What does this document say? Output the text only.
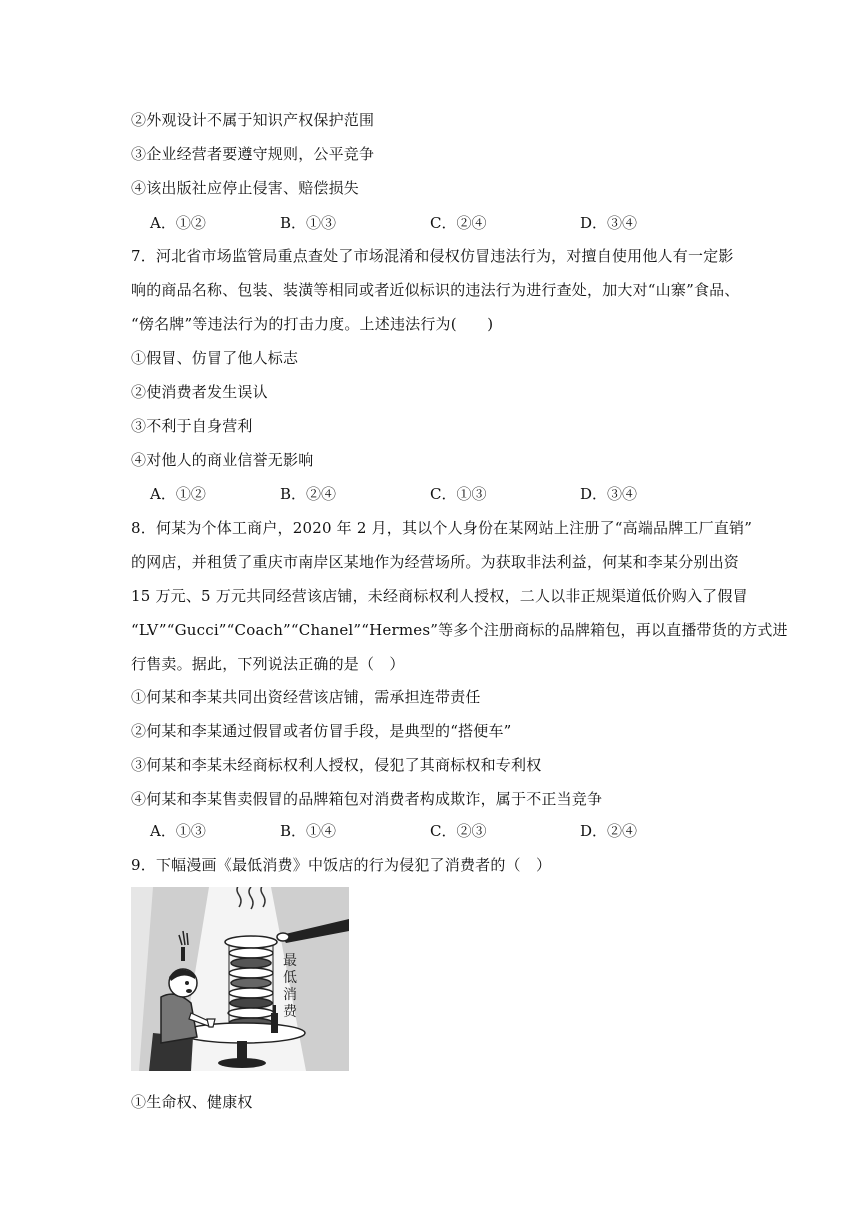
②外观设计不属于知识产权保护范围
③企业经营者要遵守规则，公平竞争
④该出版社应停止侵害、赔偿损失
A．①②	B．①③	C．②④	D．③④
7．河北省市场监管局重点查处了市场混淆和侵权仿冒违法行为，对擅自使用他人有一定影
响的商品名称、包装、装潢等相同或者近似标识的违法行为进行查处，加大对“山寨”食品、
“傍名牌”等违法行为的打击力度。上述违法行为(　　)
①假冒、仿冒了他人标志
②使消费者发生误认
③不利于自身营利
④对他人的商业信誉无影响
A．①②	B．②④	C．①③	D．③④
8．何某为个体工商户，2020 年 2 月，其以个人身份在某网站上注册了“高端品牌工厂直销”
的网店，并租赁了重庆市南岸区某地作为经营场所。为获取非法利益，何某和李某分别出资
15 万元、5 万元共同经营该店铺，未经商标权利人授权，二人以非正规渠道低价购入了假冒
“LV”“Gucci”“Coach”“Chanel”“Hermes”等多个注册商标的品牌箱包，再以直播带货的方式进
行售卖。据此，下列说法正确的是（　）
①何某和李某共同出资经营该店铺，需承担连带责任
②何某和李某通过假冒或者仿冒手段，是典型的“搭便车”
③何某和李某未经商标权利人授权，侵犯了其商标权和专利权
④何某和李某售卖假冒的品牌箱包对消费者构成欺诈，属于不正当竞争
A．①③	B．①④	C．②③	D．②④
9．下幅漫画《最低消费》中饭店的行为侵犯了消费者的（　）
最
低
消
费
①生命权、健康权
